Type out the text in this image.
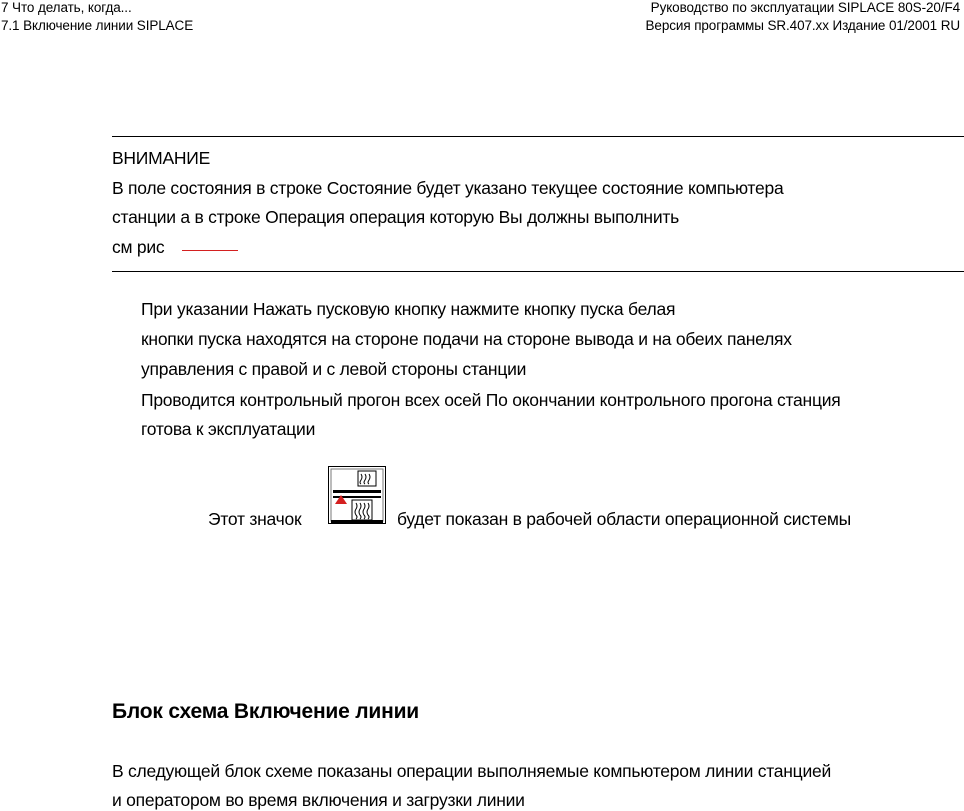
7 Что делать, когда...
7.1 Включение линии SIPLACE
Руководство по эксплуатации SIPLACE 80S-20/F4
Версия программы SR.407.xx Издание 01/2001 RU
ВНИМАНИЕ
В поле состояния в строке Состояние будет указано текущее состояние компьютера
станции а в строке Операция операция которую Вы должны выполнить
см рис
При указании Нажать пусковую кнопку нажмите кнопку пуска белая
кнопки пуска находятся на стороне подачи на стороне вывода и на обеих панелях
управления с правой и с левой стороны станции
Проводится контрольный прогон всех осей По окончании контрольного прогона станция
готова к эксплуатации
Этот значок	будет показан в рабочей области операционной системы
Блок схема Включение линии
В следующей блок схеме показаны операции выполняемые компьютером линии станцией
и оператором во время включения и загрузки линии
